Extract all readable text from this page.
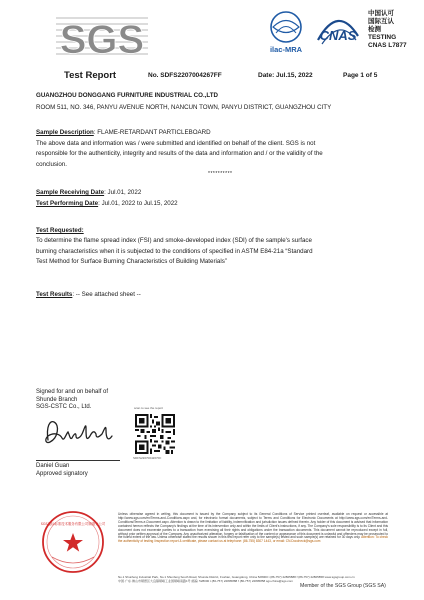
SGS	ilac-MRA
CNAS
中国认可
国际互认
检测
TESTING
CNAS L7877
Test Report	No. SDFS2207004267FF	Date: Jul.15, 2022	Page 1 of 5
GUANGZHOU DONGGANG FURNITURE INDUSTRIAL CO.,LTD
ROOM 511, NO. 346, PANYU AVENUE NORTH, NANCUN TOWN, PANYU DISTRICT, GUANGZHOU CITY
Sample Description: FLAME-RETARDANT PARTICLEBOARD
The above data and information was / were submitted and identified on behalf of the client. SGS is not
responsible for the authenticity, integrity and results of the data and information and / or the validity of the
conclusion.
**********
Sample Receiving Date: Jul.01, 2022
Test Performing Date: Jul.01, 2022 to Jul.15, 2022
Test Requested:
To determine the flame spread index (FSI) and smoke-developed index (SDI) of the sample's surface
burning characteristics when it is subjected to the conditions of specified in ASTM E84-21a “Standard
Test Method for Surface Burning Characteristics of Building Materials”
Test Results: -- See attached sheet --
Signed for and on behalf of
Shunde Branch
SGS-CSTC Co., Ltd.
Daniel Guan
Approved signatory
scan to see the report
SDFS2207004267FF
SGS通标标准技术服务有限公司顺德分公司
Unless otherwise agreed in writing, this document is issued by the Company subject to its General Conditions of Service printed overleaf, available on request or accessible at http://www.sgs.com/en/Terms-and-Conditions.aspx and, for electronic format documents, subject to Terms and Conditions for Electronic Documents at http://www.sgs.com/en/Terms-and-Conditions/Terms-e-Document.aspx. Attention is drawn to the limitation of liability, indemnification and jurisdiction issues defined therein. Any holder of this document is advised that information contained hereon reflects the Company's findings at the time of its intervention only and within the limits of Client's instructions, if any. The Company's sole responsibility is to its Client and this document does not exonerate parties to a transaction from exercising all their rights and obligations under the transaction documents. This document cannot be reproduced except in full, without prior written approval of the Company. Any unauthorized alteration, forgery or falsification of the content or appearance of this document is unlawful and offenders may be prosecuted to the fullest extent of the law. Unless otherwise stated the results shown in this test report refer only to the sample(s) tested and such sample(s) are retained for 30 days only. Attention: To check the authenticity of testing /inspection report & certificate, please contact us at telephone: (86-755) 8307 1443, or email: CN.Doccheck@sgs.com
No.1 Shunfeng Industrial Park, No.1 Shunfeng South Road, Shunde District, Foshan, Guangdong, China 528000 t (86-757) 22805888 f (86-757) 22805858 www.sgsgroup.com.cn
中国·广东·佛山市顺德区大良镇顺峰工业园顺峰南路1号 邮编: 528000 t (86-757) 22805888 f (86-757) 22805858 sgs.china@sgs.com
Member of the SGS Group (SGS SA)
